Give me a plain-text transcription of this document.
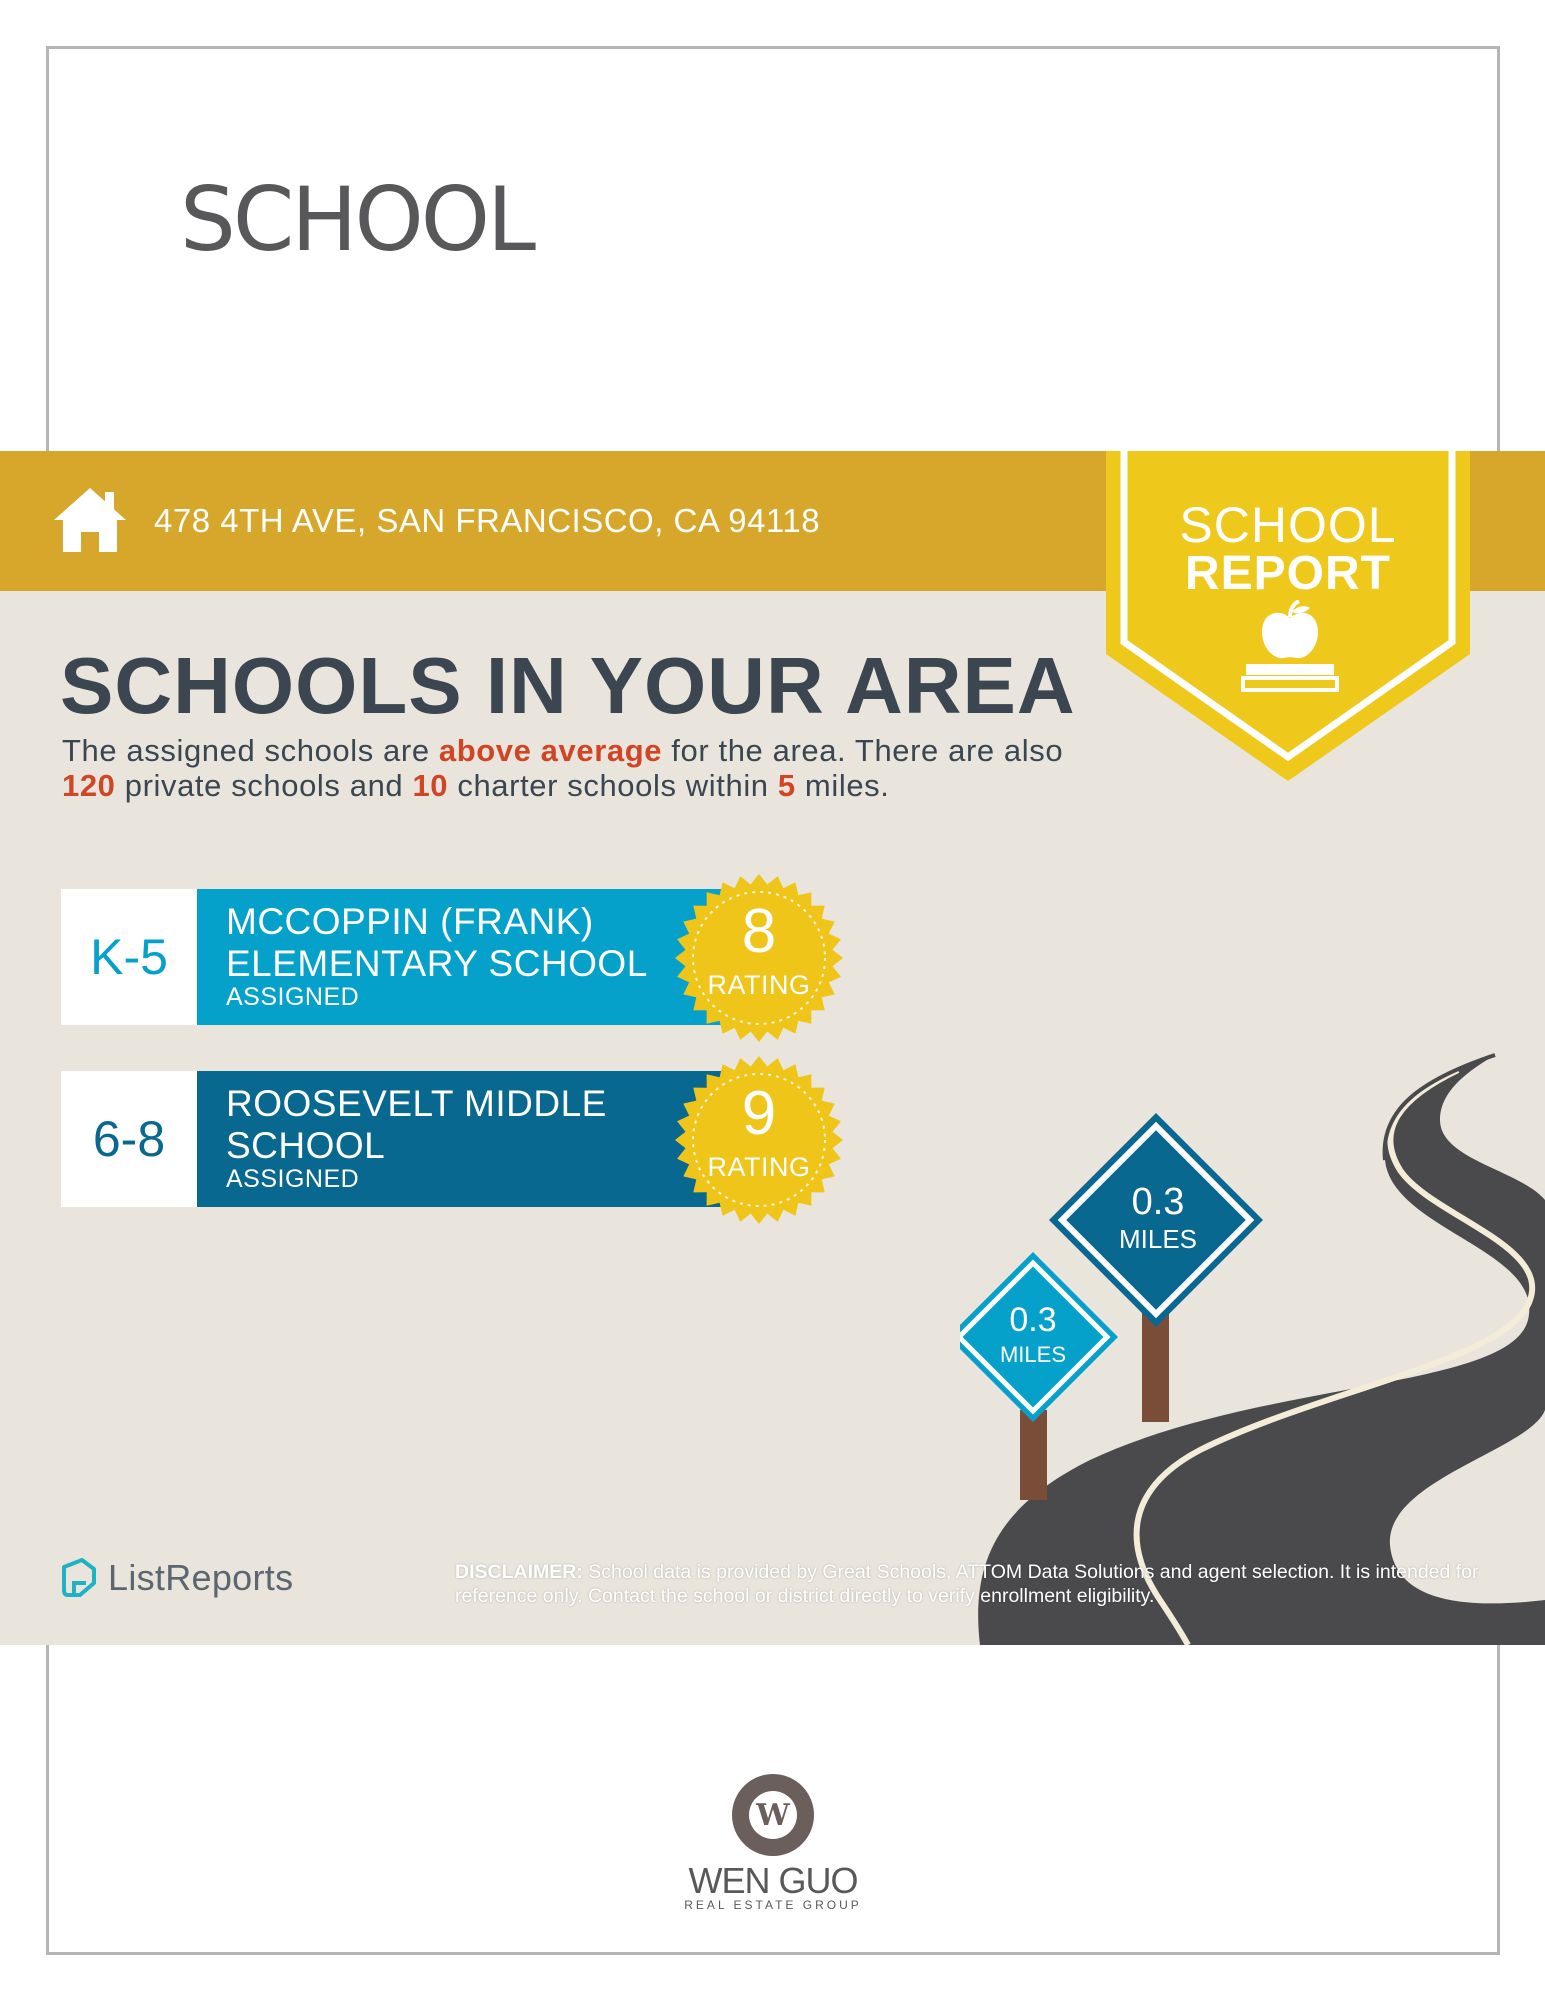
SCHOOL
478 4TH AVE, SAN FRANCISCO, CA 94118	SCHOOL
REPORT
SCHOOLS IN YOUR AREA
The assigned schools are above average for the area. There are also 120 private schools and 10 charter schools within 5 miles.
K-5
MCCOPPIN (FRANK) ELEMENTARY SCHOOL
ASSIGNED
8
RATING
6-8
ROOSEVELT MIDDLE SCHOOL
ASSIGNED
9
RATING
0.3
MILES
0.3
MILES
ListReports	DISCLAIMER: School data is provided by Great Schools, ATTOM Data Solutions and agent selection. It is intended for reference only. Contact the school or district directly to verify enrollment eligibility.
W
WEN GUO
REAL ESTATE GROUP
